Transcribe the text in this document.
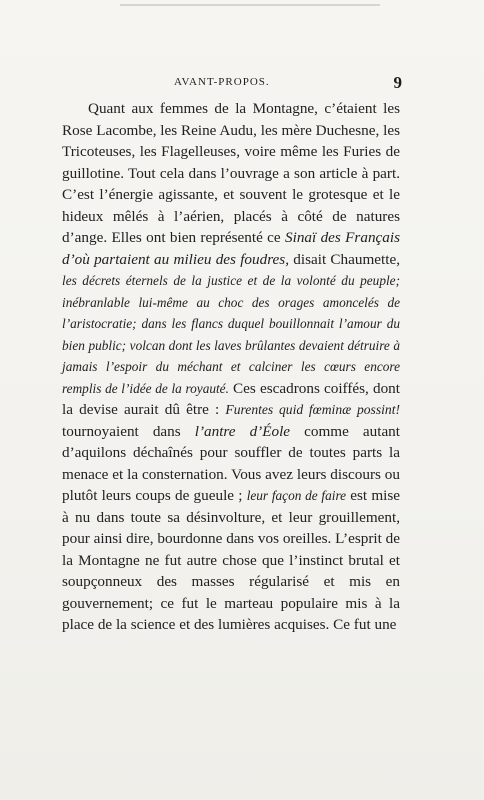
AVANT-PROPOS.	9

Quant aux femmes de la Montagne, c’étaient les Rose Lacombe, les Reine Audu, les mère Duchesne, les Tricoteuses, les Flagelleuses, voire même les Furies de guillotine. Tout cela dans l’ouvrage a son article à part. C’est l’énergie agissante, et souvent le grotesque et le hideux mêlés à l’aérien, placés à côté de natures d’ange. Elles ont bien représenté ce Sinaï des Français d’où partaient au milieu des foudres, disait Chaumette, les décrets éternels de la justice et de la volonté du peuple; inébranlable lui-même au choc des orages amoncelés de l’aristocratie; dans les flancs duquel bouillonnait l’amour du bien public; volcan dont les laves brûlantes devaient détruire à jamais l’espoir du méchant et calciner les cœurs encore remplis de l’idée de la royauté. Ces escadrons coiffés, dont la devise aurait dû être : Furentes quid fœminæ possint! tournoyaient dans l’antre d’Éole comme autant d’aquilons déchaînés pour souffler de toutes parts la menace et la consternation. Vous avez leurs discours ou plutôt leurs coups de gueule ; leur façon de faire est mise à nu dans toute sa désinvolture, et leur grouillement, pour ainsi dire, bourdonne dans vos oreilles. L’esprit de la Montagne ne fut autre chose que l’instinct brutal et soupçonneux des masses régularisé et mis en gouvernement; ce fut le marteau populaire mis à la place de la science et des lumières acquises. Ce fut une
